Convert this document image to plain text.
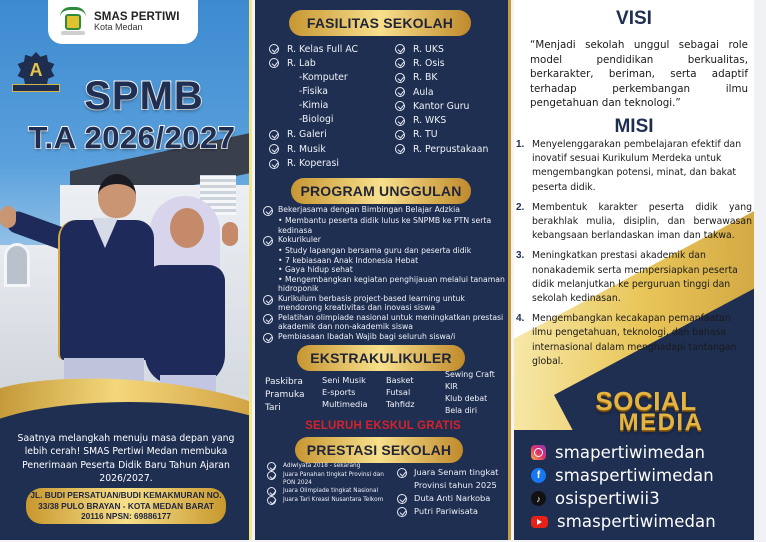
SMAS PERTIWI
Kota Medan
A
SPMB
T.A 2026/2027

Saatnya melangkah menuju masa depan yang lebih cerah! SMAS Pertiwi Medan membuka Penerimaan Peserta Didik Baru Tahun Ajaran 2026/2027.

JL. BUDI PERSATUAN/BUDI KEMAKMURAN NO. 33/38 PULO BRAYAN - KOTA MEDAN BARAT 20116 NPSN: 69886177
FASILITAS SEKOLAH
R. Kelas Full AC
R. Lab
-Komputer
-Fisika
-Kimia
-Biologi
R. Galeri
R. Musik
R. Koperasi
R. UKS
R. Osis
R. BK
Aula
Kantor Guru
R. WKS
R. TU
R. Perpustakaan
PROGRAM UNGGULAN
Bekerjasama dengan Bimbingan Belajar Adzkia
• Membantu peserta didik lulus ke SNPMB ke PTN serta kedinasa
Kokurikuler
• Study lapangan bersama guru dan peserta didik
• 7 kebiasaan Anak Indonesia Hebat
• Gaya hidup sehat
• Mengembangkan kegiatan penghijauan melalui tanaman hidroponik
Kurikulum berbasis project-based learning untuk mendorong kreativitas dan inovasi siswa
Pelatihan olimpiade nasional untuk meningkatkan prestasi akademik dan non-akademik siswa
Pembiasaan Ibadah Wajib bagi seluruh siswa/i
EKSTRAKULIKULER
Paskibra
Pramuka
Tari
Seni Musik
E-sports
Multimedia
Basket
Futsal
Tahfidz
Sewing Craft
KIR
Klub debat
Bela diri
SELURUH EKSKUL GRATIS
PRESTASI SEKOLAH
Adiwiyata 2018 - sekarang
Juara Panahan tingkat Provinsi dan PON 2024
Juara Olimpiade tingkat Nasional
Juara Tari Kreasi Nusantara Telkom
Juara Senam tingkat Provinsi tahun 2025
Duta Anti Narkoba
Putri Pariwisata
VISI

“Menjadi sekolah unggul sebagai role model pendidikan berkualitas, berkarakter, beriman, serta adaptif terhadap perkembangan ilmu pengetahuan dan teknologi.”

MISI
1. Menyelenggarakan pembelajaran efektif dan inovatif sesuai Kurikulum Merdeka untuk mengembangkan potensi, minat, dan bakat peserta didik.
2. Membentuk karakter peserta didik yang berakhlak mulia, disiplin, dan berwawasan kebangsaan berlandaskan iman dan takwa.
3. Meningkatkan prestasi akademik dan nonakademik serta mempersiapkan peserta didik melanjutkan ke perguruan tinggi dan sekolah kedinasan.
4. Mengembangkan kecakapan pemanfaatan ilmu pengetahuan, teknologi, dan bahasa internasional dalam menghadapi tantangan global.
SOCIAL
MEDIA
smapertiwimedan
f smaspertiwimedan
♪ osispertiwii3
smaspertiwimedan
